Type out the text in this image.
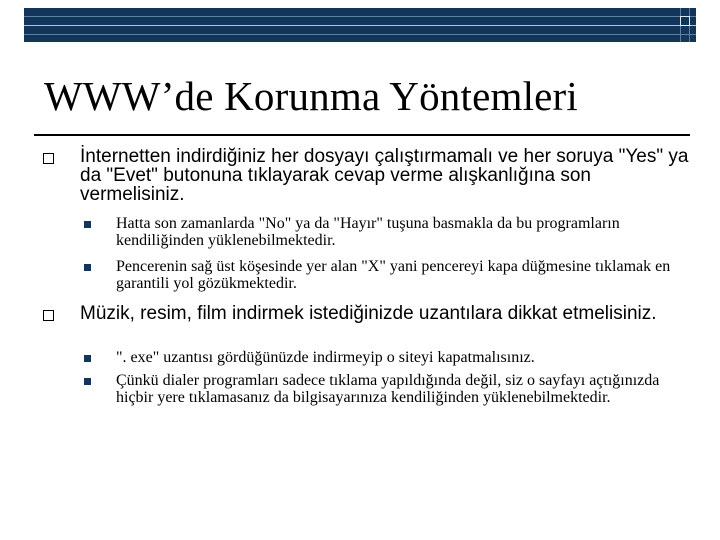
WWW’de Korunma Yöntemleri
İnternetten indirdiğiniz her dosyayı çalıştırmamalı ve her soruya "Yes" ya da "Evet" butonuna tıklayarak cevap verme alışkanlığına son vermelisiniz.
Hatta son zamanlarda "No" ya da "Hayır" tuşuna basmakla da bu programların kendiliğinden yüklenebilmektedir.
Pencerenin sağ üst köşesinde yer alan "X" yani pencereyi kapa düğmesine tıklamak en garantili yol gözükmektedir.
Müzik, resim, film indirmek istediğinizde uzantılara dikkat etmelisiniz.
". exe" uzantısı gördüğünüzde indirmeyip o siteyi kapatmalısınız.
Çünkü dialer programları sadece tıklama yapıldığında değil, siz o sayfayı açtığınızda hiçbir yere tıklamasanız da bilgisayarınıza kendiliğinden yüklenebilmektedir.
